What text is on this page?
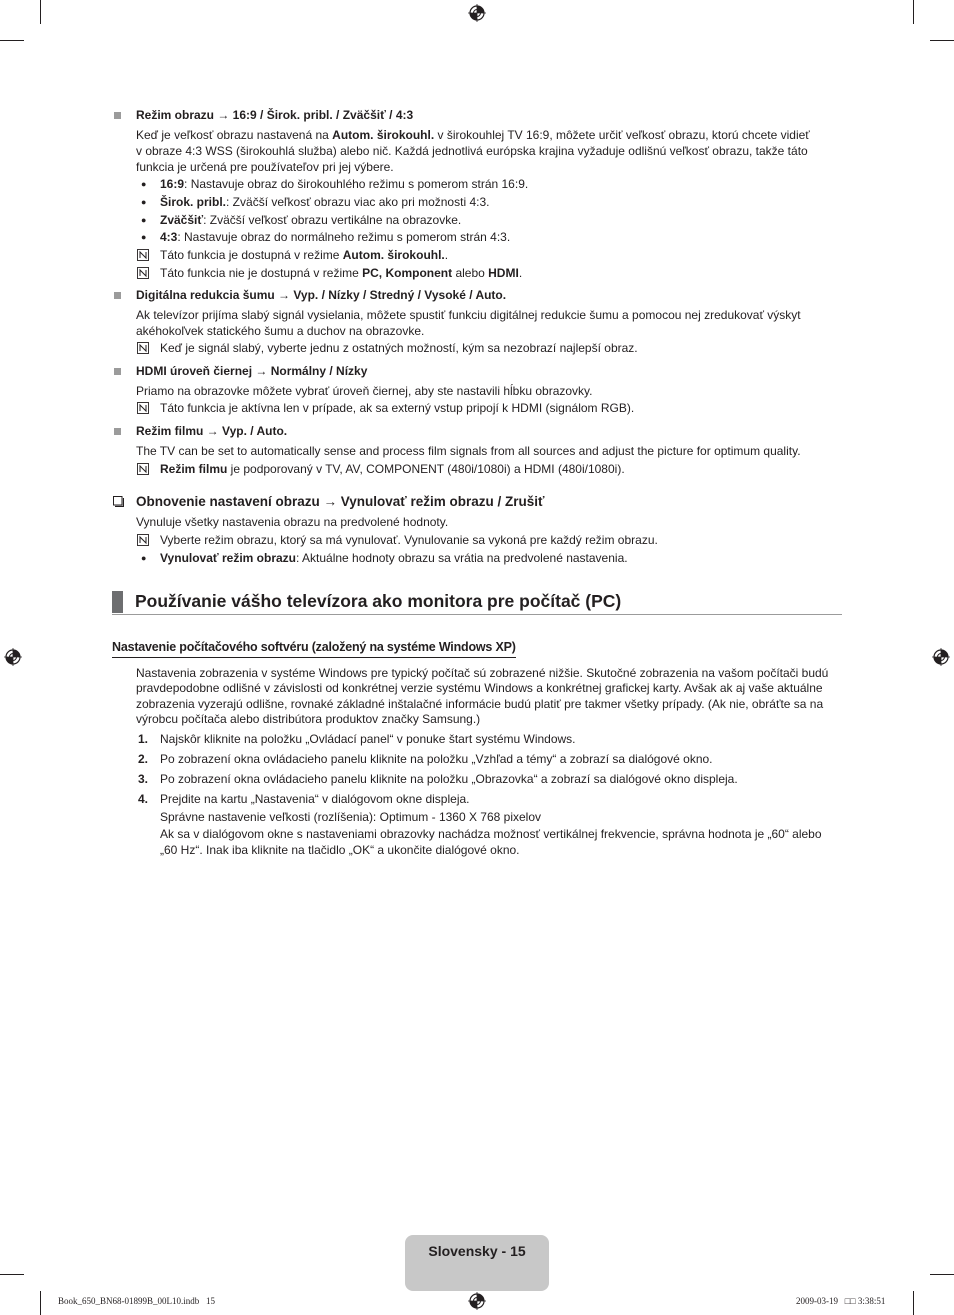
Režim obrazu → 16:9 / Širok. pribl. / Zväčšiť / 4:3
Keď je veľkosť obrazu nastavená na Autom. širokouhl. v širokouhlej TV 16:9, môžete určiť veľkosť obrazu, ktorú chcete vidieť
v obraze 4:3 WSS (širokouhlá služba) alebo nič. Každá jednotlivá európska krajina vyžaduje odlišnú veľkosť obrazu, takže táto
funkcia je určená pre používateľov pri jej výbere.
● 16:9: Nastavuje obraz do širokouhlého režimu s pomerom strán 16:9.
● Širok. pribl.: Zväčší veľkosť obrazu viac ako pri možnosti 4:3.
● Zväčšiť: Zväčší veľkosť obrazu vertikálne na obrazovke.
● 4:3: Nastavuje obraz do normálneho režimu s pomerom strán 4:3.
Táto funkcia je dostupná v režime Autom. širokouhl..
Táto funkcia nie je dostupná v režime PC, Komponent alebo HDMI.
Digitálna redukcia šumu → Vyp. / Nízky / Stredný / Vysoké / Auto.
Ak televízor prijíma slabý signál vysielania, môžete spustiť funkciu digitálnej redukcie šumu a pomocou nej zredukovať výskyt
akéhokoľvek statického šumu a duchov na obrazovke.
Keď je signál slabý, vyberte jednu z ostatných možností, kým sa nezobrazí najlepší obraz.
HDMI úroveň čiernej → Normálny / Nízky
Priamo na obrazovke môžete vybrať úroveň čiernej, aby ste nastavili hĺbku obrazovky.
Táto funkcia je aktívna len v prípade, ak sa externý vstup pripojí k HDMI (signálom RGB).
Režim filmu → Vyp. / Auto.
The TV can be set to automatically sense and process film signals from all sources and adjust the picture for optimum quality.
Režim filmu je podporovaný v TV, AV, COMPONENT (480i/1080i) a HDMI (480i/1080i).
Obnovenie nastavení obrazu → Vynulovať režim obrazu / Zrušiť
Vynuluje všetky nastavenia obrazu na predvolené hodnoty.
Vyberte režim obrazu, ktorý sa má vynulovať. Vynulovanie sa vykoná pre každý režim obrazu.
● Vynulovať režim obrazu: Aktuálne hodnoty obrazu sa vrátia na predvolené nastavenia.
Používanie vášho televízora ako monitora pre počítač (PC)
Nastavenie počítačového softvéru (založený na systéme Windows XP)
Nastavenia zobrazenia v systéme Windows pre typický počítač sú zobrazené nižšie. Skutočné zobrazenia na vašom počítači budú
pravdepodobne odlišné v závislosti od konkrétnej verzie systému Windows a konkrétnej grafickej karty. Avšak ak aj vaše aktuálne
zobrazenia vyzerajú odlišne, rovnaké základné inštalačné informácie budú platiť pre takmer všetky prípady. (Ak nie, obráťte sa na
výrobcu počítača alebo distribútora produktov značky Samsung.)
1. Najskôr kliknite na položku „Ovládací panel“ v ponuke štart systému Windows.
2. Po zobrazení okna ovládacieho panelu kliknite na položku „Vzhľad a témy“ a zobrazí sa dialógové okno.
3. Po zobrazení okna ovládacieho panelu kliknite na položku „Obrazovka“ a zobrazí sa dialógové okno displeja.
4. Prejdite na kartu „Nastavenia“ v dialógovom okne displeja.
Správne nastavenie veľkosti (rozlíšenia): Optimum - 1360 X 768 pixelov
Ak sa v dialógovom okne s nastaveniami obrazovky nachádza možnosť vertikálnej frekvencie, správna hodnota je „60“ alebo
„60 Hz“. Inak iba kliknite na tlačidlo „OK“ a ukončite dialógové okno.
Slovensky - 15
Book_650_BN68-01899B_00L10.indb   15	2009-03-19   □□ 3:38:51
